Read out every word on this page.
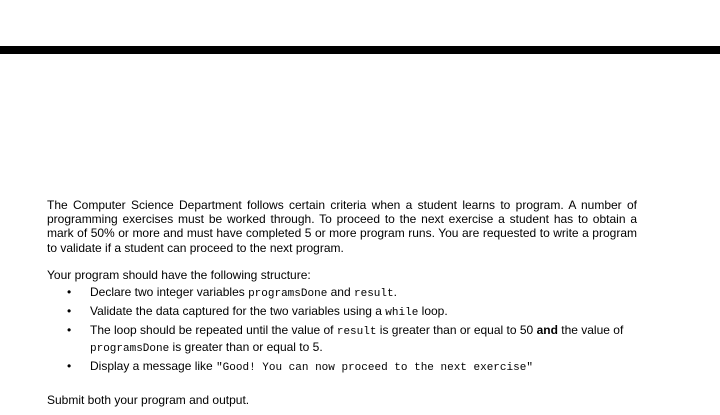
The Computer Science Department follows certain criteria when a student learns to program. A number of programming exercises must be worked through. To proceed to the next exercise a student has to obtain a mark of 50% or more and must have completed 5 or more program runs. You are requested to write a program to validate if a student can proceed to the next program.

Your program should have the following structure:

• Declare two integer variables programsDone and result.
• Validate the data captured for the two variables using a while loop.
• The loop should be repeated until the value of result is greater than or equal to 50 and the value of programsDone is greater than or equal to 5.
• Display a message like "Good! You can now proceed to the next exercise"

Submit both your program and output.
